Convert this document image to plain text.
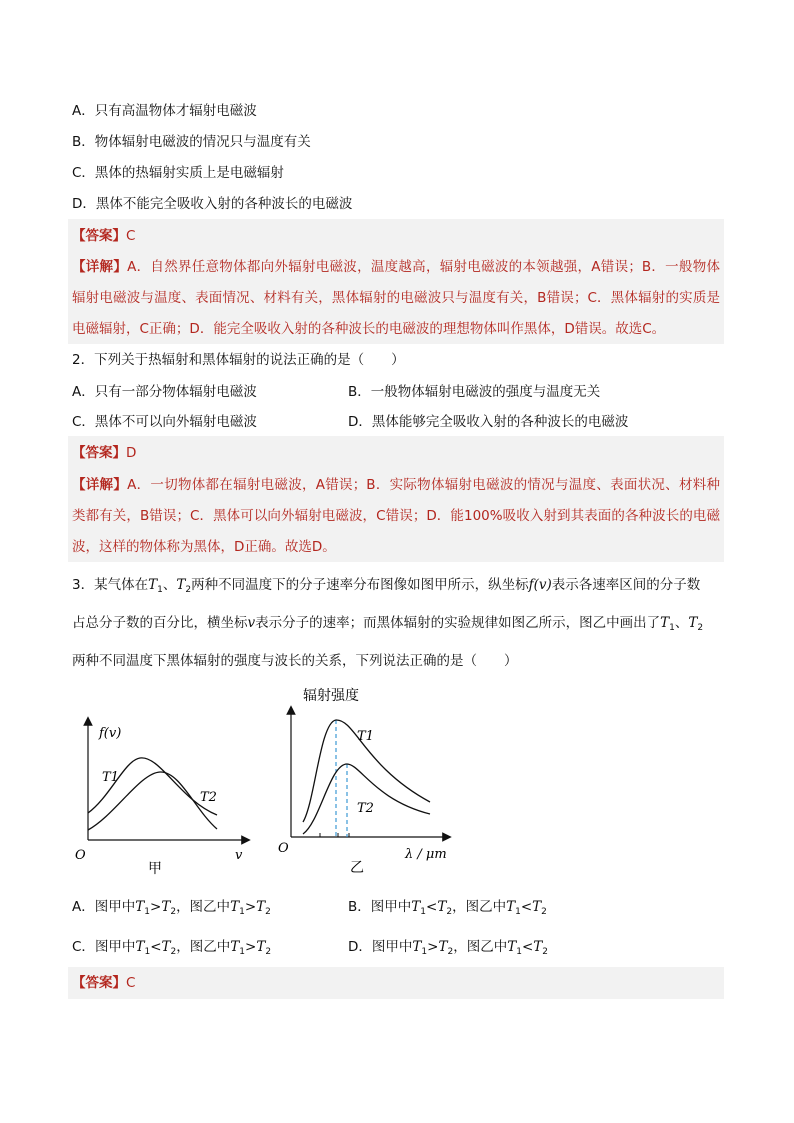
A．只有高温物体才辐射电磁波
B．物体辐射电磁波的情况只与温度有关
C．黑体的热辐射实质上是电磁辐射
D．黑体不能完全吸收入射的各种波长的电磁波
【答案】C
【详解】A．自然界任意物体都向外辐射电磁波，温度越高，辐射电磁波的本领越强，A错误；B．一般物体辐射电磁波与温度、表面情况、材料有关，黑体辐射的电磁波只与温度有关，B错误；C．黑体辐射的实质是电磁辐射，C正确；D．能完全吸收入射的各种波长的电磁波的理想物体叫作黑体，D错误。故选C。
2．下列关于热辐射和黑体辐射的说法正确的是（　　）
A．只有一部分物体辐射电磁波	B．一般物体辐射电磁波的强度与温度无关
C．黑体不可以向外辐射电磁波	D．黑体能够完全吸收入射的各种波长的电磁波
【答案】D
【详解】A．一切物体都在辐射电磁波，A错误；B．实际物体辐射电磁波的情况与温度、表面状况、材料种类都有关，B错误；C．黑体可以向外辐射电磁波，C错误；D．能100%吸收入射到其表面的各种波长的电磁波，这样的物体称为黑体，D正确。故选D。
3．某气体在$T_1$、$T_2$两种不同温度下的分子速率分布图像如图甲所示，纵坐标f(v)表示各速率区间的分子数
占总分子数的百分比，横坐标v表示分子的速率；而黑体辐射的实验规律如图乙所示，图乙中画出了$T_1$、$T_2$
两种不同温度下黑体辐射的强度与波长的关系，下列说法正确的是（　　）
f(v)
T1
T2
O	v
甲
辐射强度
T1
T2
O	λ / μm
乙
A．图甲中$T_1>T_2$，图乙中$T_1>T_2$	B．图甲中$T_1<T_2$，图乙中$T_1<T_2$
C．图甲中$T_1<T_2$，图乙中$T_1>T_2$	D．图甲中$T_1>T_2$，图乙中$T_1<T_2$
【答案】C
